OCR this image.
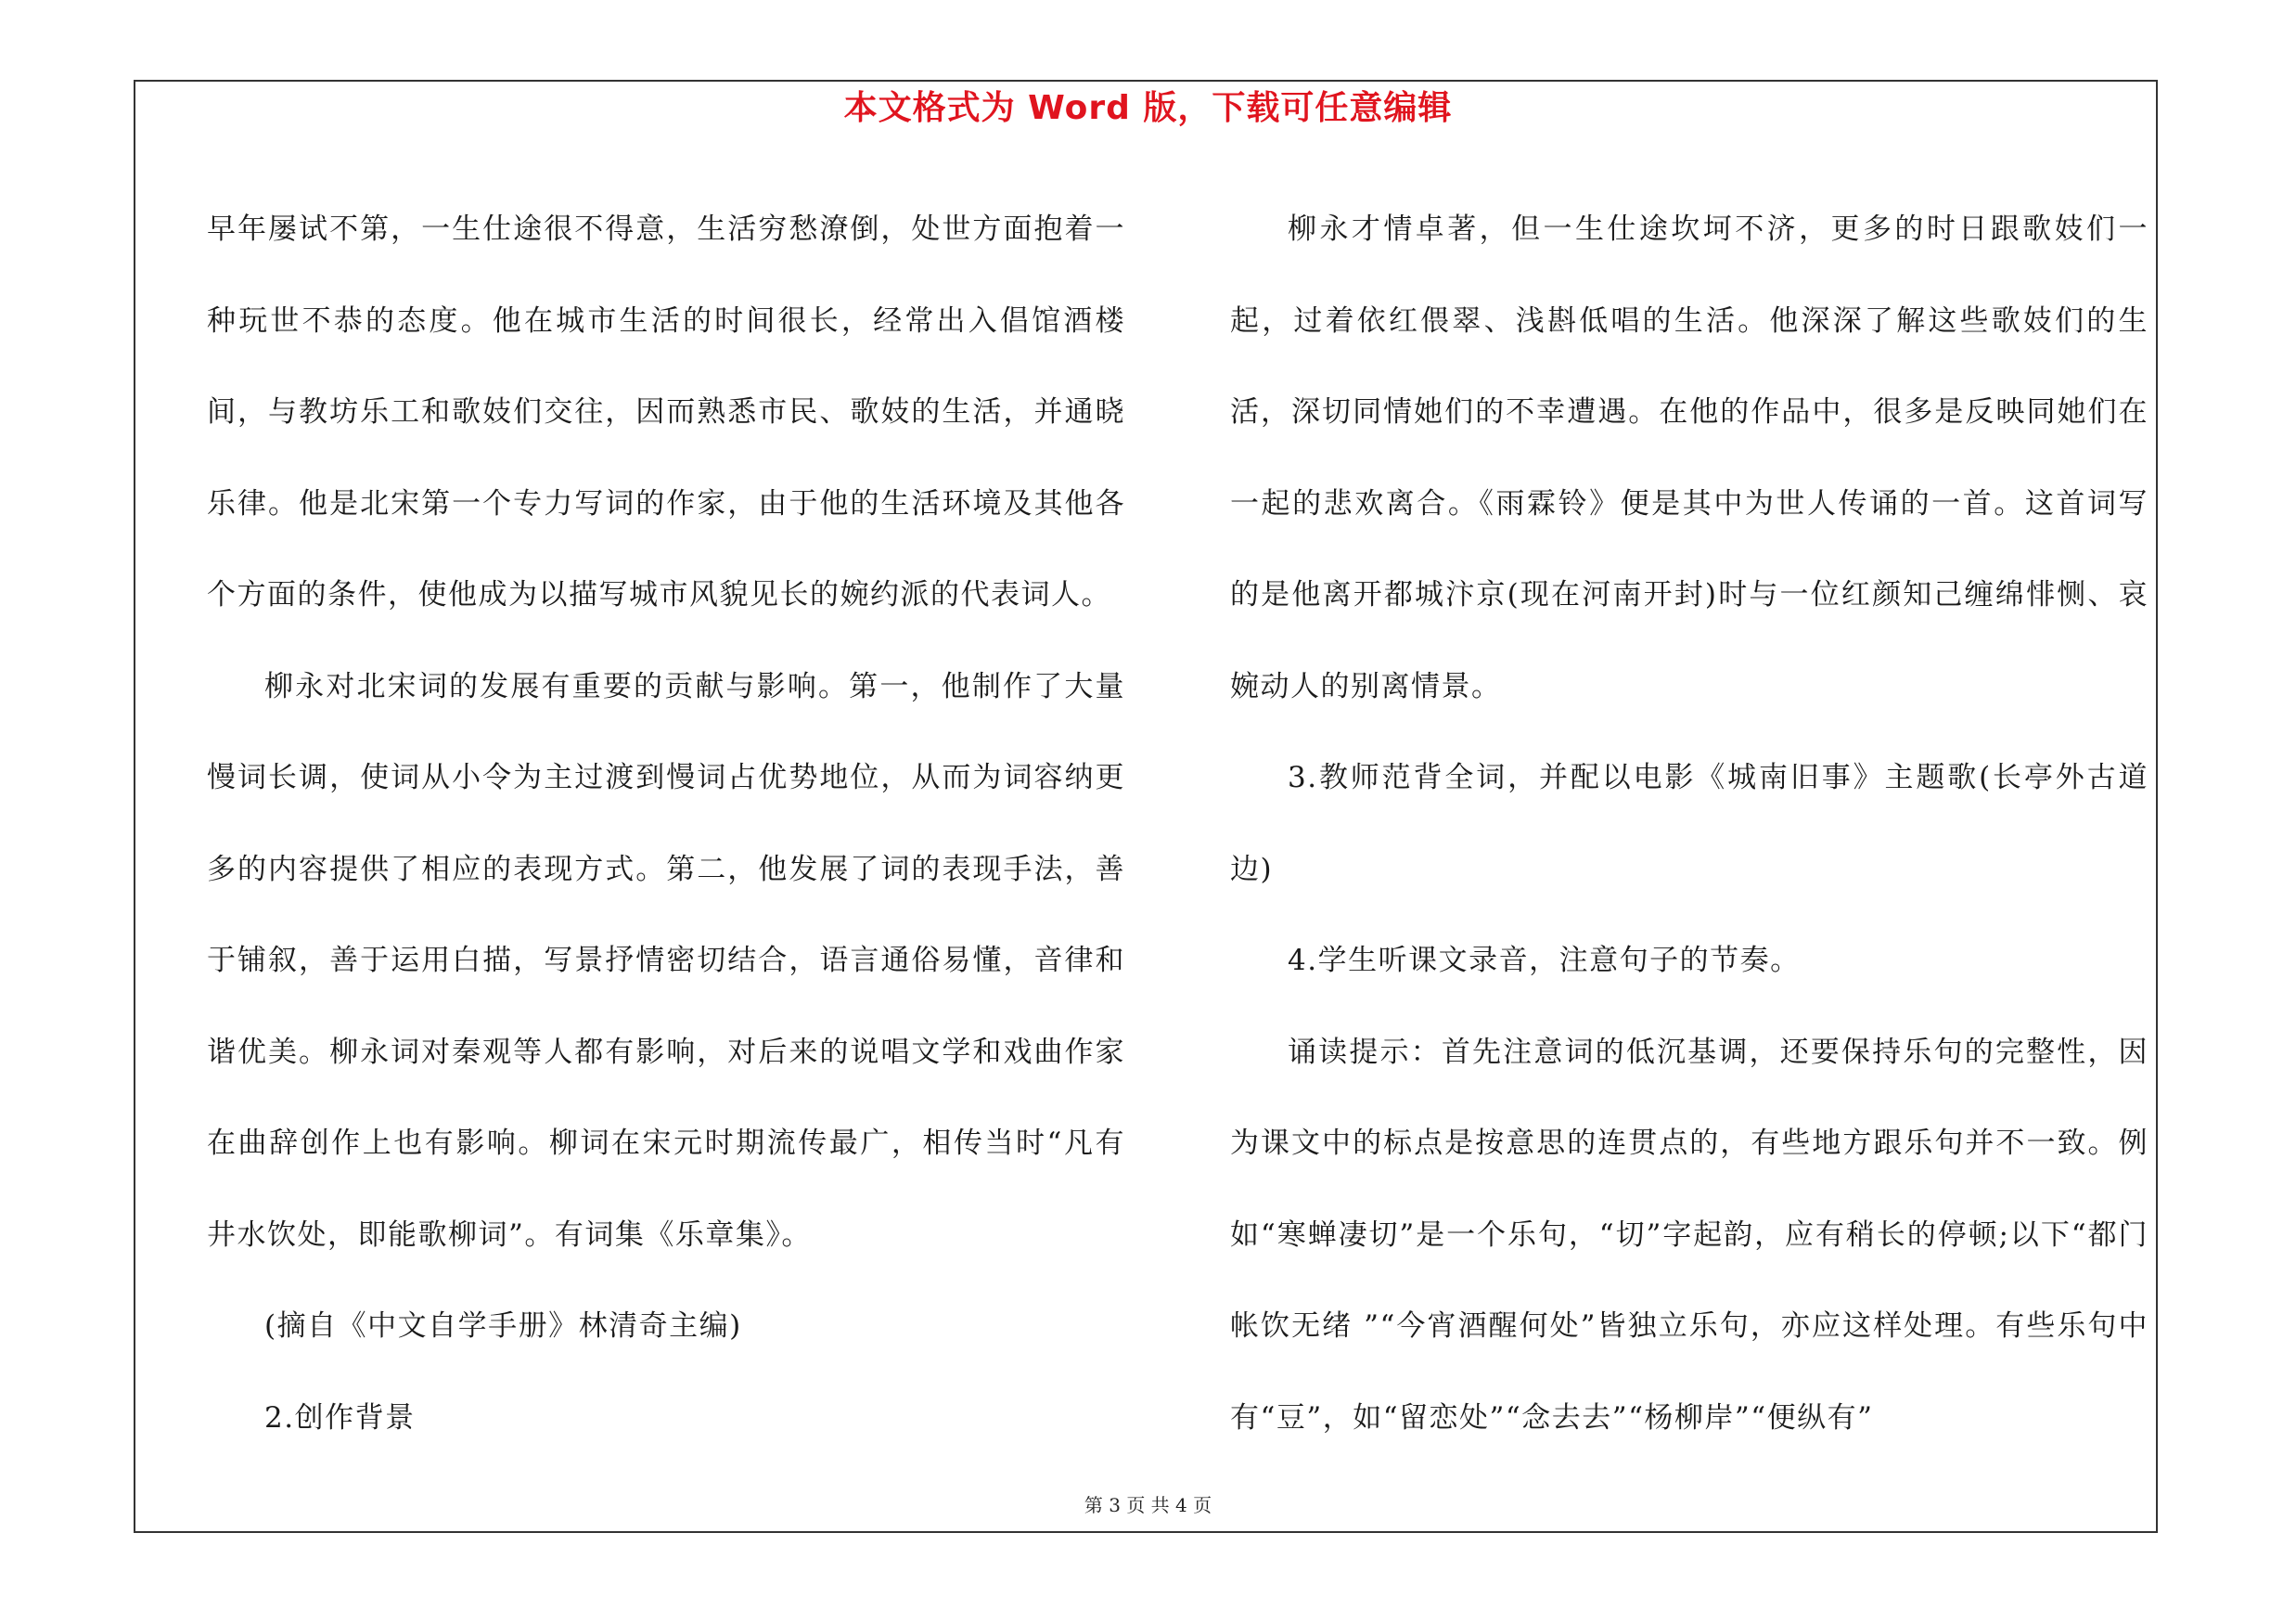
本文格式为 Word 版，下载可任意编辑

早年屡试不第，一生仕途很不得意，生活穷愁潦倒，处世方面抱着一种玩世不恭的态度。他在城市生活的时间很长，经常出入倡馆酒楼间，与教坊乐工和歌妓们交往，因而熟悉市民、歌妓的生活，并通晓乐律。他是北宋第一个专力写词的作家，由于他的生活环境及其他各个方面的条件，使他成为以描写城市风貌见长的婉约派的代表词人。

柳永对北宋词的发展有重要的贡献与影响。第一，他制作了大量慢词长调，使词从小令为主过渡到慢词占优势地位，从而为词容纳更多的内容提供了相应的表现方式。第二，他发展了词的表现手法，善于铺叙，善于运用白描，写景抒情密切结合，语言通俗易懂，音律和谐优美。柳永词对秦观等人都有影响，对后来的说唱文学和戏曲作家在曲辞创作上也有影响。柳词在宋元时期流传最广，相传当时“凡有井水饮处，即能歌柳词”。有词集《乐章集》。

(摘自《中文自学手册》林清奇主编)

2.创作背景

柳永才情卓著，但一生仕途坎坷不济，更多的时日跟歌妓们一起，过着依红偎翠、浅斟低唱的生活。他深深了解这些歌妓们的生活，深切同情她们的不幸遭遇。在他的作品中，很多是反映同她们在一起的悲欢离合。《雨霖铃》便是其中为世人传诵的一首。这首词写的是他离开都城汴京(现在河南开封)时与一位红颜知己缠绵悱恻、哀婉动人的别离情景。

3.教师范背全词，并配以电影《城南旧事》主题歌(长亭外古道边)

4.学生听课文录音，注意句子的节奏。

诵读提示：首先注意词的低沉基调，还要保持乐句的完整性，因为课文中的标点是按意思的连贯点的，有些地方跟乐句并不一致。例如“寒蝉凄切”是一个乐句，“切”字起韵，应有稍长的停顿;以下“都门帐饮无绪 ”“今宵酒醒何处”皆独立乐句，亦应这样处理。有些乐句中有“豆”，如“留恋处”“念去去”“杨柳岸”“便纵有”

第 3 页 共 4 页
